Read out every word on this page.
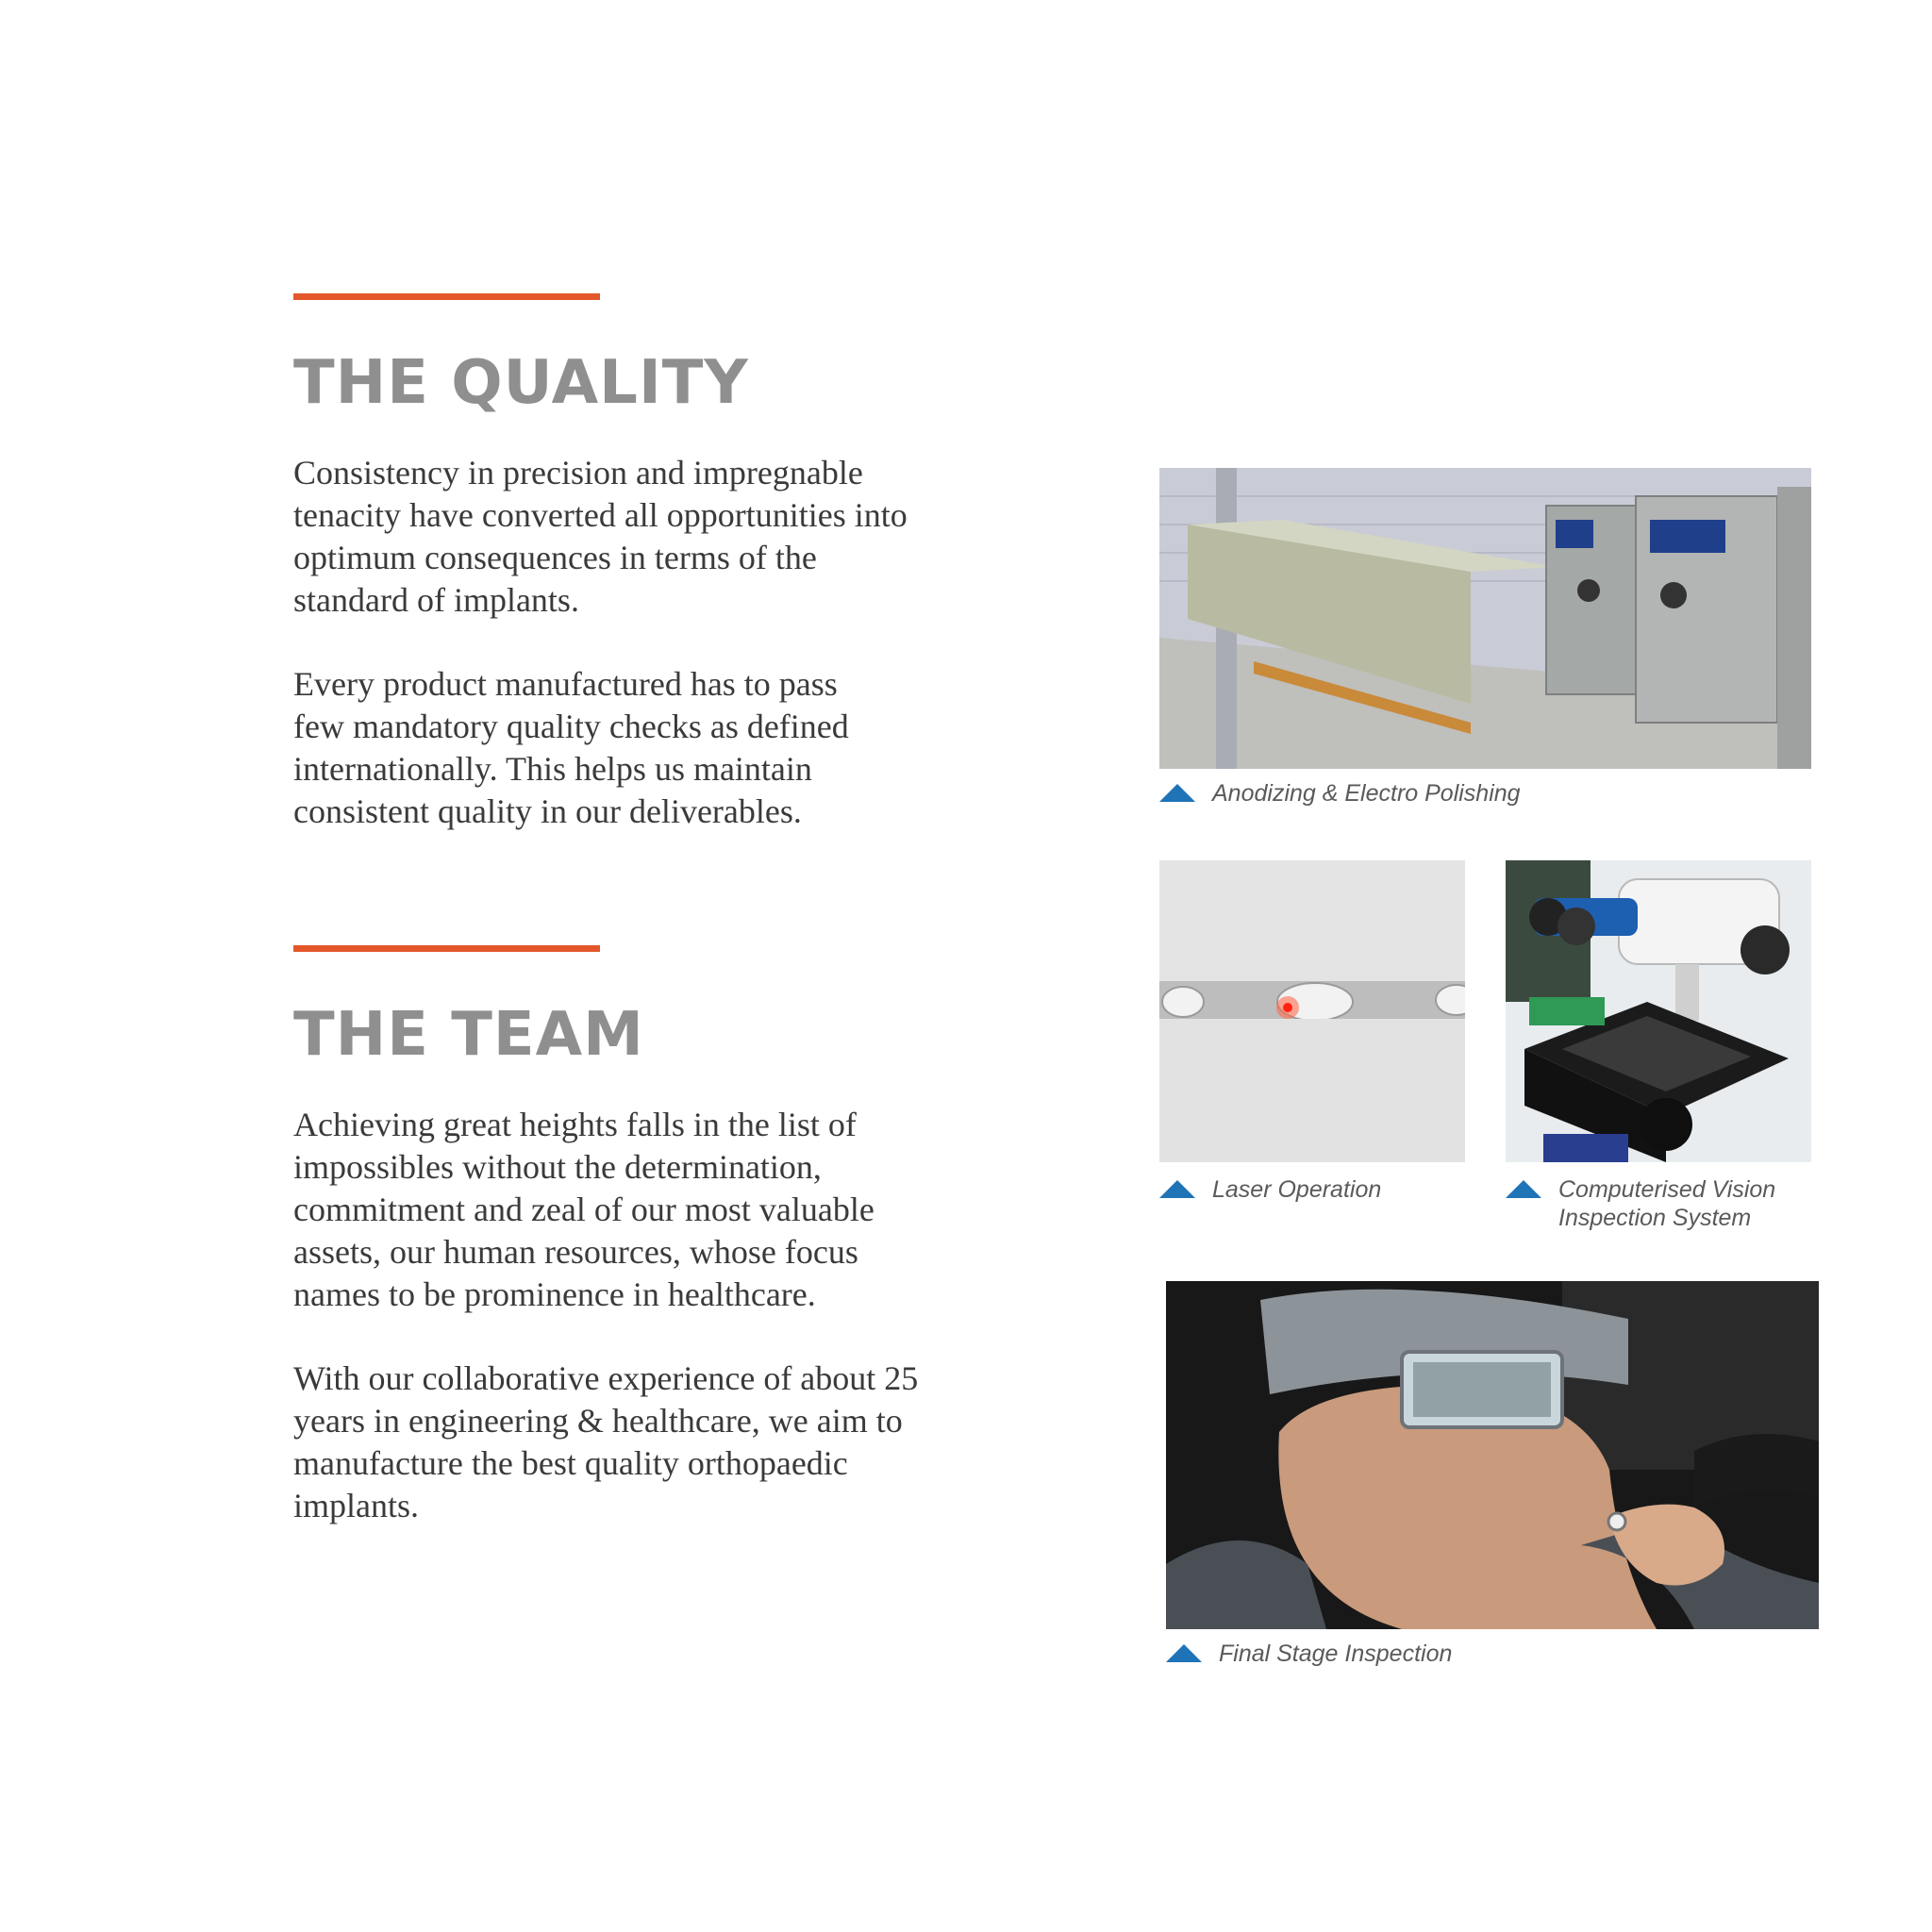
THE QUALITY

Consistency in precision and impregnable tenacity have converted all opportunities into optimum consequences in terms of the standard of implants.

Every product manufactured has to pass few mandatory quality checks as defined internationally. This helps us maintain consistent quality in our deliverables.

THE TEAM

Achieving great heights falls in the list of impossibles without the determination, commitment and zeal of our most valuable assets, our human resources, whose focus names to be prominence in healthcare.

With our collaborative experience of about 25 years in engineering & healthcare, we aim to manufacture the best quality orthopaedic implants.

Anodizing & Electro Polishing
Laser Operation	Computerised Vision
Inspection System
Final Stage Inspection
